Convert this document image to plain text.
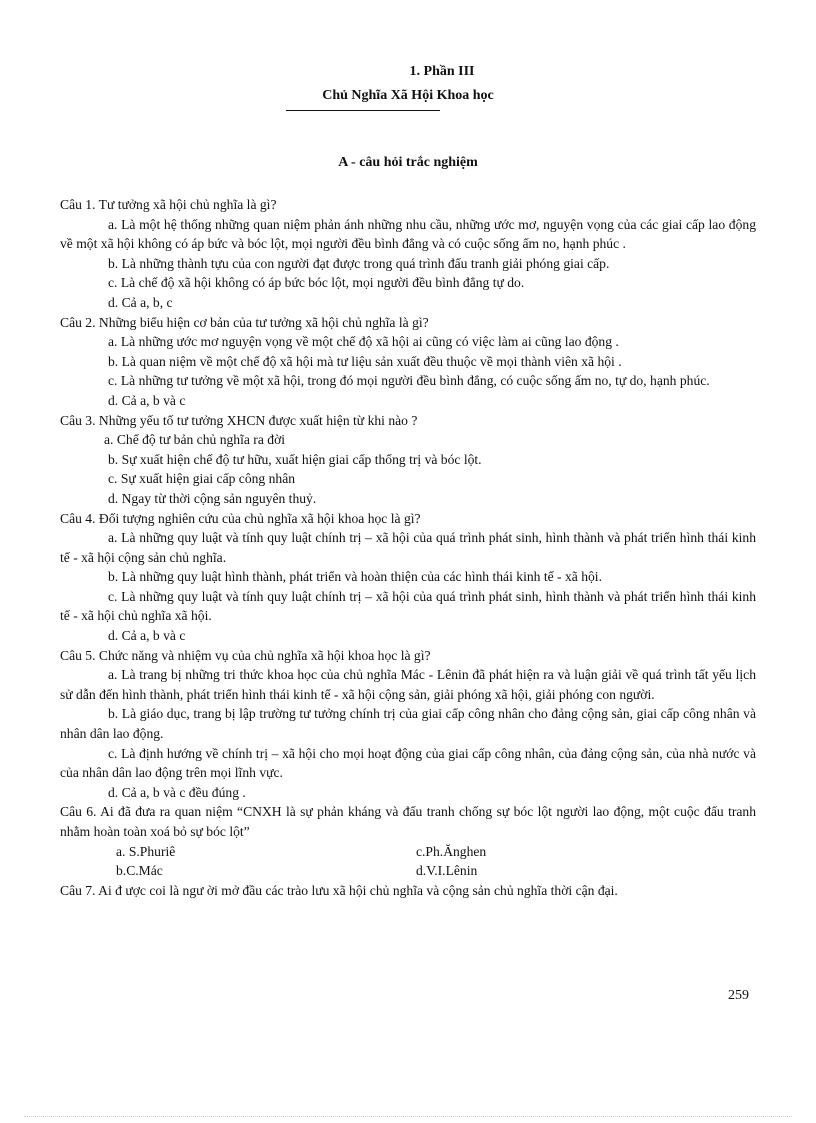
1. Phần III
Chủ Nghĩa Xã Hội Khoa học
A - câu hỏi trắc nghiệm
Câu 1. Tư tưởng xã hội chủ nghĩa là gì?
a. Là một hệ thống những quan niệm phản ánh những nhu cầu, những ước mơ, nguyện vọng của các giai cấp lao động về một xã hội không có áp bức và bóc lột, mọi người đều bình đẳng và có cuộc sống ấm no, hạnh phúc .
b. Là những thành tựu của con người đạt được trong quá trình đấu tranh giải phóng giai cấp.
c. Là chế độ xã hội không có áp bức bóc lột, mọi người đều bình đẳng tự do.
d. Cả a, b, c
Câu 2. Những biểu hiện cơ bản của tư tưởng xã hội chủ nghĩa là gì?
a. Là những ước mơ nguyện vọng về một chế độ xã hội ai cũng có việc làm ai cũng lao động .
b. Là quan niệm về một chế độ xã hội mà tư liệu sản xuất đều thuộc về mọi thành viên xã hội .
c. Là những tư tưởng về một xã hội, trong đó mọi người đều bình đẳng, có cuộc sống ấm no, tự do, hạnh phúc.
d. Cả a, b và c
Câu 3. Những yếu tố tư tưởng XHCN được xuất hiện từ khi nào ?
a. Chế độ tư bản chủ nghĩa ra đời
b. Sự xuất hiện chế độ tư hữu, xuất hiện giai cấp thống trị và bóc lột.
c. Sự xuất hiện giai cấp công nhân
d. Ngay từ thời cộng sản nguyên thuỷ.
Câu 4. Đối tượng nghiên cứu của chủ nghĩa xã hội khoa học là gì?
a. Là những quy luật và tính quy luật chính trị – xã hội của quá trình phát sinh, hình thành và phát triển hình thái kinh tế - xã hội cộng sản chủ nghĩa.
b. Là những quy luật hình thành, phát triển và hoàn thiện của các hình thái kinh tế - xã hội.
c. Là những quy luật và tính quy luật chính trị – xã hội của quá trình phát sinh, hình thành và phát triển hình thái kinh tế - xã hội chủ nghĩa xã hội.
d. Cả a, b và c
Câu 5. Chức năng và nhiệm vụ của chủ nghĩa xã hội khoa học là gì?
a. Là trang bị những tri thức khoa học của chủ nghĩa Mác - Lênin đã phát hiện ra và luận giải về quá trình tất yếu lịch sử dẫn đến hình thành, phát triển hình thái kinh tế - xã hội cộng sản, giải phóng xã hội, giải phóng con người.
b. Là giáo dục, trang bị lập trường tư tưởng chính trị của giai cấp công nhân cho đảng cộng sản, giai cấp công nhân và nhân dân lao động.
c. Là định hướng về chính trị – xã hội cho mọi hoạt động của giai cấp công nhân, của đảng cộng sản, của nhà nước và của nhân dân lao động trên mọi lĩnh vực.
d. Cả a, b và c đều đúng .
Câu 6. Ai đã đưa ra quan niệm “CNXH là sự phản kháng và đấu tranh chống sự bóc lột người lao động, một cuộc đấu tranh nhằm hoàn toàn xoá bỏ sự bóc lột”
a. S.Phuriê	c.Ph.Ănghen
b.C.Mác	d.V.I.Lênin
Câu 7. Ai đ ược coi là ngư ời mở đầu các trào lưu xã hội chủ nghĩa và cộng sản chủ nghĩa thời cận đại.
259
